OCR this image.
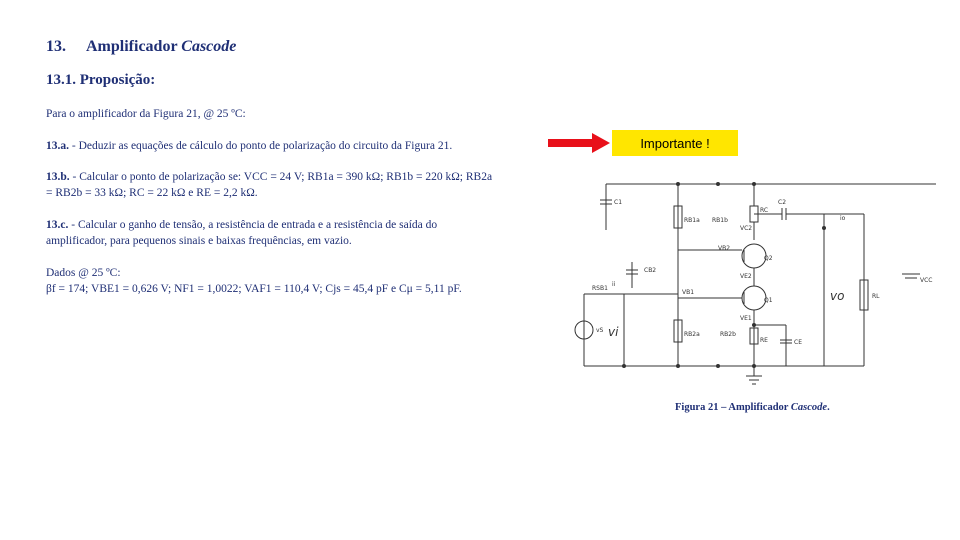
13. Amplificador Cascode
13.1. Proposição:
Para o amplificador da Figura 21, @ 25 ºC:
13.a. - Deduzir as equações de cálculo do ponto de polarização do circuito da Figura 21.
13.b. - Calcular o ponto de polarização se: VCC = 24 V; RB1a = 390 kΩ; RB1b = 220 kΩ; RB2a
= RB2b = 33 kΩ; RC = 22 kΩ e RE = 2,2 kΩ.
13.c. - Calcular o ganho de tensão, a resistência de entrada e a resistência de saída do
amplificador, para pequenos sinais e baixas frequências, em vazio.
Dados @ 25 ºC:
βf = 174; VBE1 = 0,626 V; NF1 = 1,0022; VAF1 = 110,4 V; Cjs = 45,4 pF e Cμ = 5,11 pF.
Importante !
C1
RC
C2
io
RB1a RB1b
VC2
VB2
Q2
VCC
CB2
VE2
RSB1
ii
VB1
Q1	vo	RL
VE1
RB2a	RB2b
RE	CE
vS vi
Figura 21 – Amplificador Cascode.
